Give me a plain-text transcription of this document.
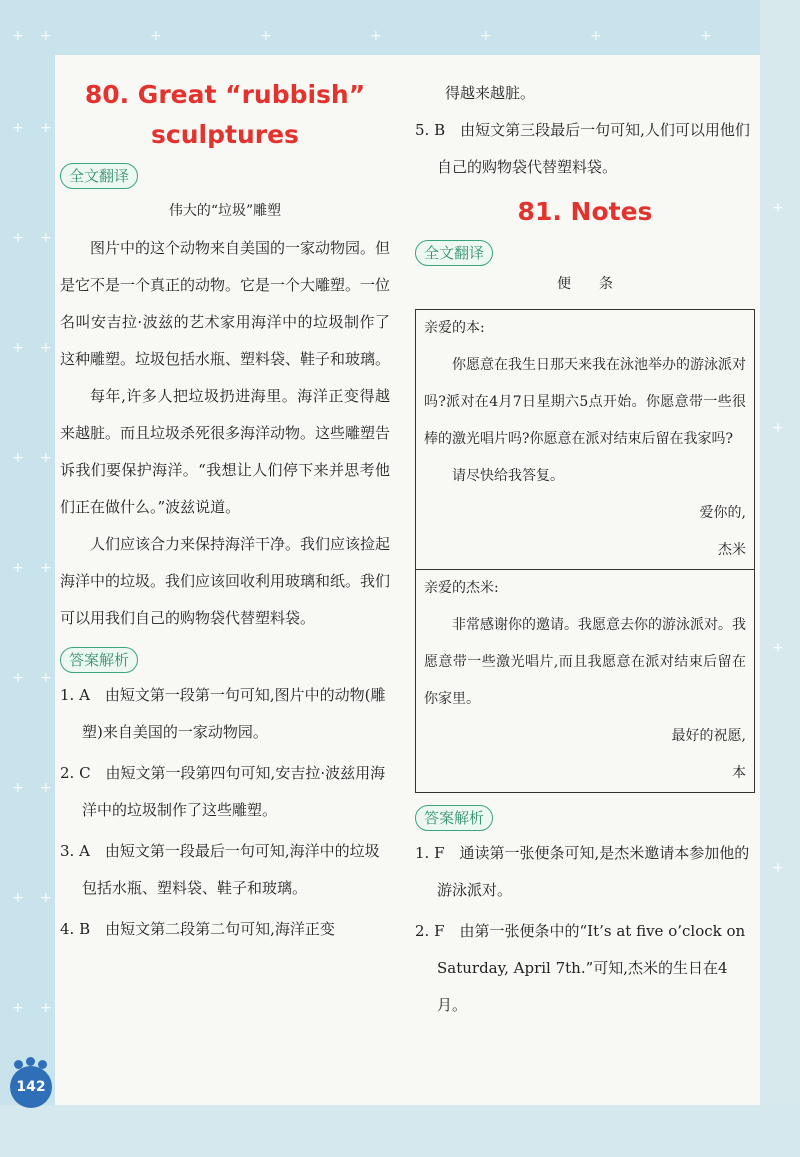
+ +
+ +
+ +
+ +
+ +
+ +
+ +
+ +
+ +
+ +
+	+	+	+	+	+
+
+
+
+
80. Great “rubbish”
sculptures
全文翻译

伟大的“垃圾”雕塑

图片中的这个动物来自美国的一家动物园。但是它不是一个真正的动物。它是一个大雕塑。一位名叫安吉拉·波兹的艺术家用海洋中的垃圾制作了这种雕塑。垃圾包括水瓶、塑料袋、鞋子和玻璃。

每年,许多人把垃圾扔进海里。海洋正变得越来越脏。而且垃圾杀死很多海洋动物。这些雕塑告诉我们要保护海洋。“我想让人们停下来并思考他们正在做什么。”波兹说道。

人们应该合力来保持海洋干净。我们应该捡起海洋中的垃圾。我们应该回收利用玻璃和纸。我们可以用我们自己的购物袋代替塑料袋。

答案解析

1. A　由短文第一段第一句可知,图片中的动物(雕塑)来自美国的一家动物园。

2. C　由短文第一段第四句可知,安吉拉·波兹用海洋中的垃圾制作了这些雕塑。

3. A　由短文第一段最后一句可知,海洋中的垃圾包括水瓶、塑料袋、鞋子和玻璃。

4. B　由短文第二段第二句可知,海洋正变

得越来越脏。

5. B　由短文第三段最后一句可知,人们可以用他们自己的购物袋代替塑料袋。

81. Notes
全文翻译

便　　条

亲爱的本:

你愿意在我生日那天来我在泳池举办的游泳派对吗?派对在4月7日星期六5点开始。你愿意带一些很棒的激光唱片吗?你愿意在派对结束后留在我家吗?

请尽快给我答复。

爱你的,

杰米

亲爱的杰米:

非常感谢你的邀请。我愿意去你的游泳派对。我愿意带一些激光唱片,而且我愿意在派对结束后留在你家里。

最好的祝愿,

本

答案解析

1. F　通读第一张便条可知,是杰米邀请本参加他的游泳派对。

2. F　由第一张便条中的“It’s at five o’clock on Saturday, April 7th.”可知,杰米的生日在4月。

142
